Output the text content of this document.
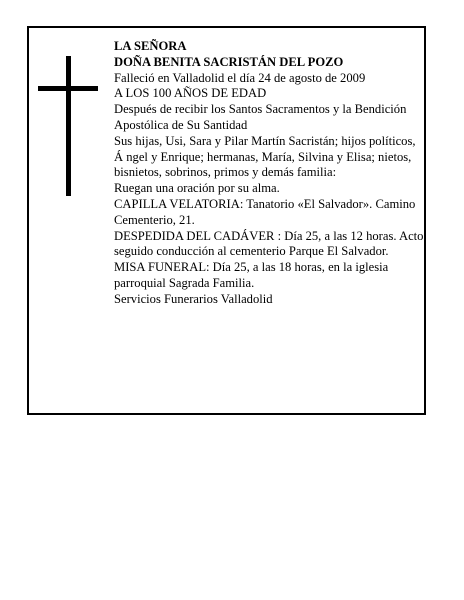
LA SEÑORA

DOÑA BENITA SACRISTÁN DEL POZO

Falleció en Valladolid el día 24 de agosto de 2009

A LOS 100 AÑOS DE EDAD

Después de recibir los Santos Sacramentos y la Bendición Apostólica de Su Santidad

Sus hijas, Usi, Sara y Pilar Martín Sacristán; hijos políticos, Á ngel y Enrique; hermanas, María, Silvina y Elisa; nietos, bisnietos, sobrinos, primos y demás familia:

Ruegan una oración por su alma.

CAPILLA VELATORIA: Tanatorio «El Salvador». Camino Cementerio, 21.

DESPEDIDA DEL CADÁVER : Día 25, a las 12 horas. Acto seguido conducción al cementerio Parque El Salvador.

MISA FUNERAL: Día 25, a las 18 horas, en la iglesia parroquial Sagrada Familia.

Servicios Funerarios Valladolid
